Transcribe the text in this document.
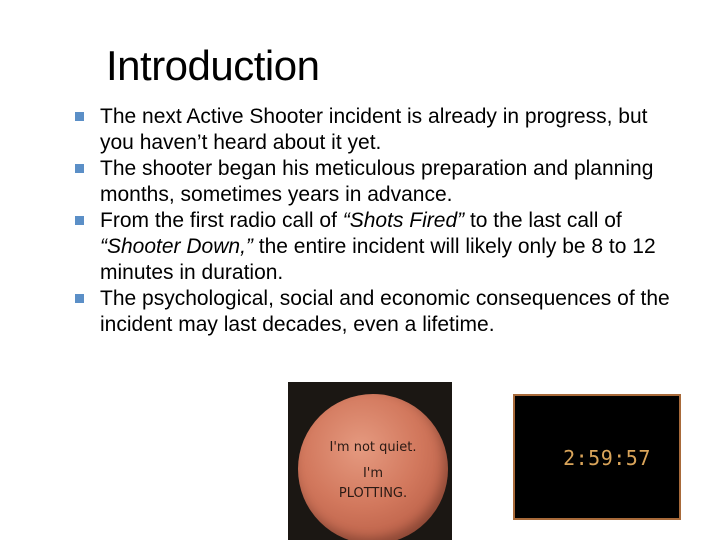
Introduction
The next Active Shooter incident is already in progress, but you haven’t heard about it yet.
The shooter began his meticulous preparation and planning months, sometimes years in advance.
From the first radio call of “Shots Fired” to the last call of “Shooter Down,” the entire incident will likely only be 8 to 12 minutes in duration.
The psychological, social and economic consequences of the incident may last decades, even a lifetime.
I'm not quiet.
I'm
PLOTTING.
2:59:57
